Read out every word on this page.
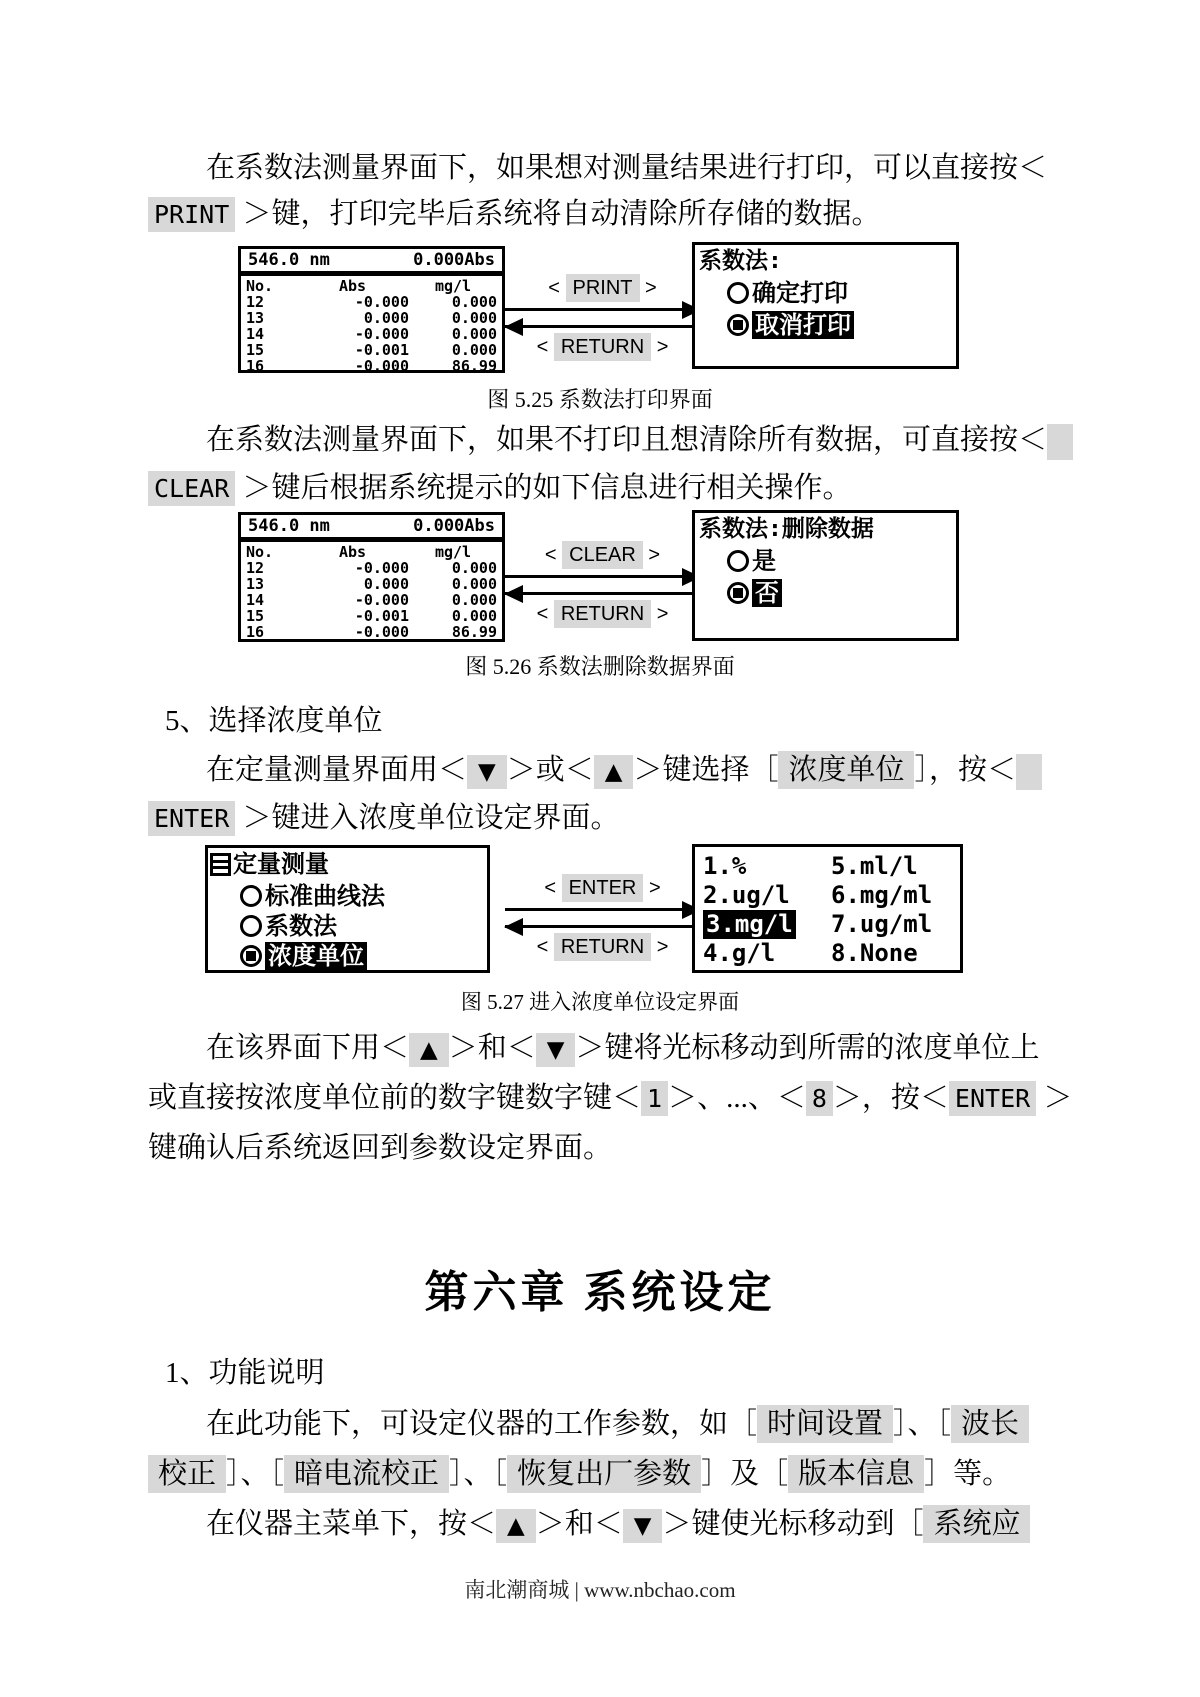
在系数法测量界面下，如果想对测量结果进行打印，可以直接按＜
PRINT ＞键，打印完毕后系统将自动清除所存储的数据。
546.0 nm	0.000Abs
No.	Abs	mg/l
12	-0.000	0.000
13	0.000	0.000
14	-0.000	0.000
15	-0.001	0.000
16	-0.000	86.99
< PRINT >
< RETURN >
系数法:
确定打印
取消打印
图 5.25 系数法打印界面
在系数法测量界面下，如果不打印且想清除所有数据，可直接按＜
CLEAR ＞键后根据系统提示的如下信息进行相关操作。
546.0 nm	0.000Abs
No.	Abs	mg/l
12	-0.000	0.000
13	0.000	0.000
14	-0.000	0.000
15	-0.001	0.000
16	-0.000	86.99
< CLEAR >
< RETURN >
系数法:删除数据
是
否
图 5.26 系数法删除数据界面
5、选择浓度单位
在定量测量界面用＜ ▼ ＞或＜ ▲ ＞键选择［ 浓度单位 ］，按＜
ENTER ＞键进入浓度单位设定界面。
定量测量
标准曲线法
系数法
浓度单位
< ENTER >
< RETURN >
1.%	5.ml/l
2.ug/l	6.mg/ml
3.mg/l 7.ug/ml
4.g/l	8.None
图 5.27 进入浓度单位设定界面
在该界面下用＜ ▲ ＞和＜ ▼ ＞键将光标移动到所需的浓度单位上
或直接按浓度单位前的数字键数字键＜ 1 ＞、...、＜ 8 ＞，按＜ ENTER ＞
键确认后系统返回到参数设定界面。
第六章 系统设定
1、功能说明
在此功能下，可设定仪器的工作参数，如［ 时间设置 ］、［ 波长
校正 ］、［ 暗电流校正 ］、［ 恢复出厂参数 ］及［ 版本信息 ］等。
在仪器主菜单下，按＜ ▲ ＞和＜ ▼ ＞键使光标移动到［ 系统应
南北潮商城 | www.nbchao.com
